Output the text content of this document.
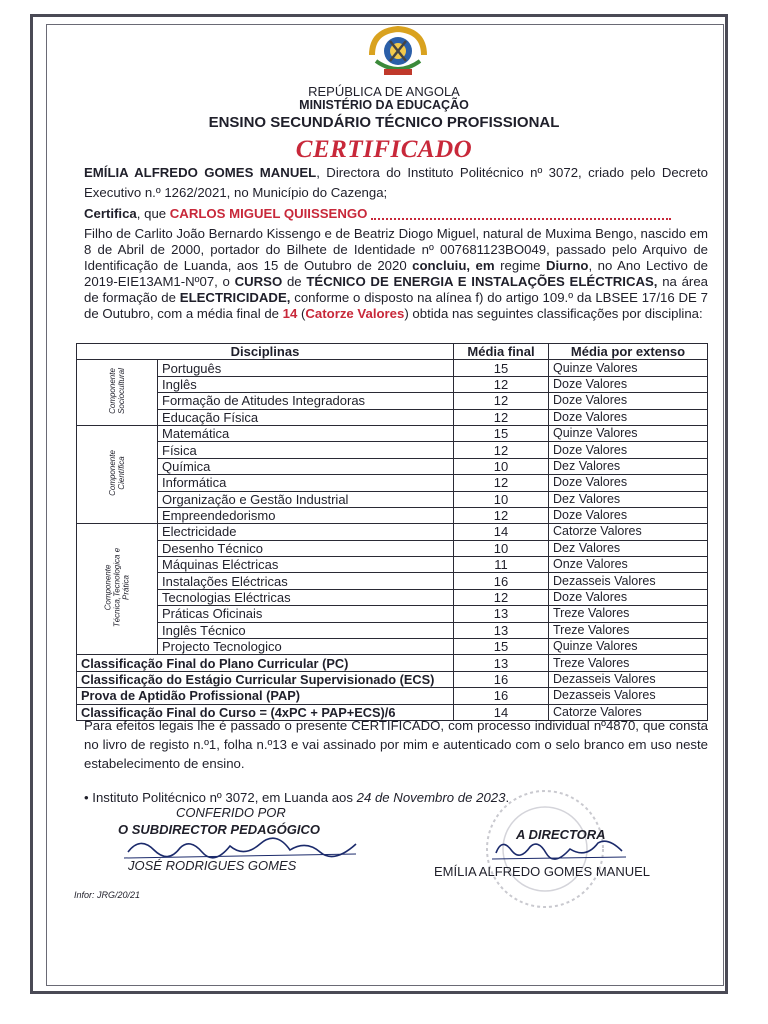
REPÚBLICA DE ANGOLA
MINISTÉRIO DA EDUCAÇÃO
ENSINO SECUNDÁRIO TÉCNICO PROFISSIONAL
CERTIFICADO
EMÍLIA ALFREDO GOMES MANUEL, Directora do Instituto Politécnico nº 3072, criado pelo Decreto Executivo n.º 1262/2021, no Município do Cazenga;
Certifica, que CARLOS MIGUEL QUIISSENGO
Filho de Carlito João Bernardo Kissengo e de Beatriz Diogo Miguel, natural de Muxima Bengo, nascido em 8 de Abril de 2000, portador do Bilhete de Identidade nº 007681123BO049, passado pelo Arquivo de Identificação de Luanda, aos 15 de Outubro de 2020 concluiu, em regime Diurno, no Ano Lectivo de 2019-EIE13AM1-Nº07, o CURSO de TÉCNICO DE ENERGIA E INSTALAÇÕES ELÉCTRICAS, na área de formação de ELECTRICIDADE, conforme o disposto na alínea f) do artigo 109.º da LBSEE 17/16 DE 7 de Outubro, com a média final de 14 (Catorze Valores) obtida nas seguintes classificações por disciplina:
Disciplinas		Média final	Média por extenso
Componente Sociocultural	Português	15	Quinze Valores
	Inglês	12	Doze Valores
	Formação de Atitudes Integradoras	12	Doze Valores
	Educação Física	12	Doze Valores
Componente Científica	Matemática	15	Quinze Valores
	Física	12	Doze Valores
	Química	10	Dez Valores
	Informática	12	Doze Valores
	Organização e Gestão Industrial	10	Dez Valores
	Empreendedorismo	12	Doze Valores
Componente Técnica,Tecnologica e Prática	Electricidade	14	Catorze Valores
	Desenho Técnico	10	Dez Valores
	Máquinas Eléctricas	11	Onze Valores
	Instalações Eléctricas	16	Dezasseis Valores
	Tecnologias Eléctricas	12	Doze Valores
	Práticas Oficinais	13	Treze Valores
	Inglês Técnico	13	Treze Valores
	Projecto Tecnologico	15	Quinze Valores
Classificação Final do Plano Curricular (PC)		13	Treze Valores
Classificação do Estágio Curricular Supervisionado (ECS)		16	Dezasseis Valores
Prova de Aptidão Profissional (PAP)		16	Dezasseis Valores
Classificação Final do Curso = (4xPC + PAP+ECS)/6		14	Catorze Valores
Para efeitos legais lhe é passado o presente CERTIFICADO, com processo individual nº4870, que consta no livro de registo n.º1, folha n.º13 e vai assinado por mim e autenticado com o selo branco em uso neste estabelecimento de ensino.
• Instituto Politécnico nº 3072, em Luanda aos 24 de Novembro de 2023.
CONFERIDO POR
O SUBDIRECTOR PEDAGÓGICO
JOSÉ RODRIGUES GOMES
A DIRECTORA
EMÍLIA ALFREDO GOMES MANUEL
Infor: JRG/20/21
